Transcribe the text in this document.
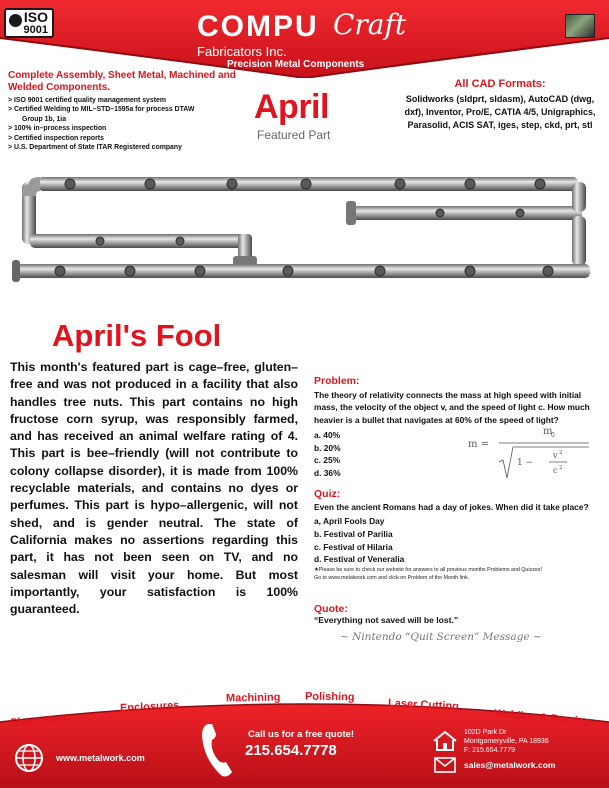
ISO
9001	COMPU Craft
Fabricators Inc.
Precision Metal Components
Complete Assembly, Sheet Metal, Machined and Welded Components.
> ISO 9001 certified quality management system
> Certified Welding to MIL–STD–1595a for process DTAW
Group 1b, 1ia
> 100% in–process inspection
> Certified inspection reports
> U.S. Department of State ITAR Registered company
April
Featured Part
All CAD Formats:
Solidworks (sldprt, sldasm), AutoCAD (dwg, dxf), Inventor, Pro/E, CATIA 4/5, Unigraphics, Parasolid, ACIS SAT, iges, step, ckd, prt, stl
April's Fool
This month's featured part is cage–free, gluten–free and was not produced in a facility that also handles tree nuts. This part contains no high fructose corn syrup, was responsibly farmed, and has received an animal welfare rating of 4. This part is bee–friendly (will not contribute to colony collapse disorder), it is made from 100% recyclable materials, and contains no dyes or perfumes. This part is hypo–allergenic, will not shed, and is gender neutral. The state of California makes no assertions regarding this part, it has not been seen on TV, and no salesman will visit your home. But most importantly, your satisfaction is 100% guaranteed.
Problem:
The theory of relativity connects the mass at high speed with initial mass, the velocity of the object v, and the speed of light c. How much heavier is a bullet that navigates at 60% of the speed of light?
a. 40%
b. 20%
c. 25%
d. 36%
m =
m
0
1 −
v 2
c 2
Quiz:
Even the ancient Romans had a day of jokes. When did it take place?
a, April Fools Day
b. Festival of Parilia
c. Festival of Hilaria
d. Festival of Veneralia
★Please be sure to check our website for answers to all previous months Problems and Quizzes!
Go to www.metalwork.com and click on Problem of the Month link.
Quote:
“Everything not saved will be lost.”
~ Nintendo “Quit Screen” Message ~
Sheet Metal
Enclosures
Machining Polishing
Laser Cutting
Welding & Brazing
www.metalwork.com
Call us for a free quote!
215.654.7778
102D Park Dr
Montgomeryville, PA 18936
F: 215.654.7779
sales@metalwork.com
